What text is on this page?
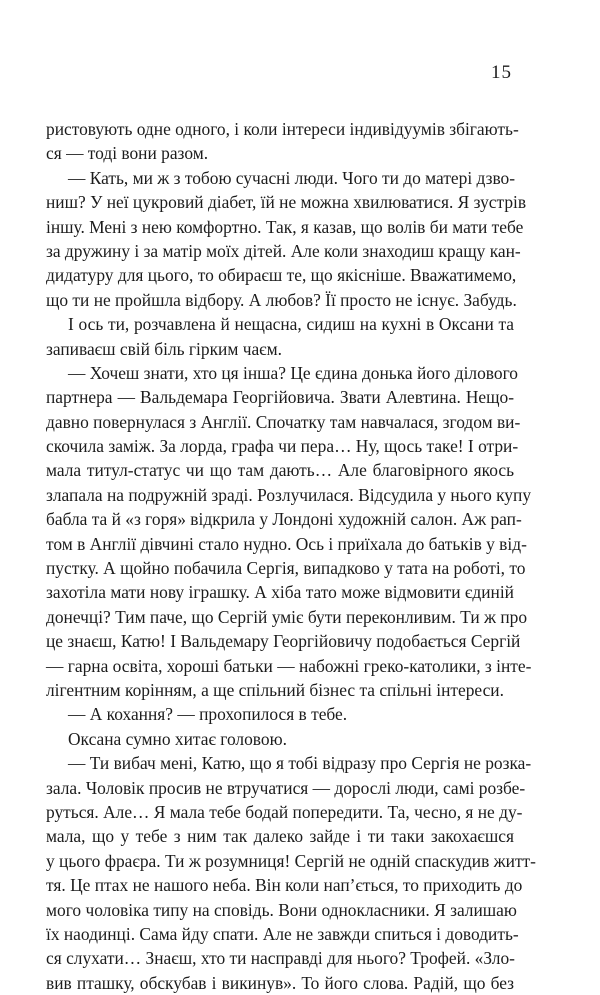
15
ристовують одне одного, і коли інтереси індивідуумів збігають-
ся — тоді вони разом.
— Кать, ми ж з тобою сучасні люди. Чого ти до матері дзво-
ниш? У неї цукровий діабет, їй не можна хвилюватися. Я зустрів
іншу. Мені з нею комфортно. Так, я казав, що волів би мати тебе
за дружину і за матір моїх дітей. Але коли знаходиш кращу кан-
дидатуру для цього, то обираєш те, що якісніше. Вважатимемо,
що ти не пройшла відбору. А любов? Її просто не існує. Забудь.
І ось ти, розчавлена й нещасна, сидиш на кухні в Оксани та
запиваєш свій біль гірким чаєм.
— Хочеш знати, хто ця інша? Це єдина донька його ділового
партнера — Вальдемара Георгійовича. Звати Алевтина. Нещо-
давно повернулася з Англії. Спочатку там навчалася, згодом ви-
скочила заміж. За лорда, графа чи пера… Ну, щось таке! І отри-
мала титул-статус чи що там дають… Але благовірного якось
злапала на подружній зраді. Розлучилася. Відсудила у нього купу
бабла та й «з горя» відкрила у Лондоні художній салон. Аж рап-
том в Англії дівчині стало нудно. Ось і приїхала до батьків у від-
пустку. А щойно побачила Сергія, випадково у тата на роботі, то
захотіла мати нову іграшку. А хіба тато може відмовити єдиній
донечці? Тим паче, що Сергій уміє бути переконливим. Ти ж про
це знаєш, Катю! І Вальдемару Георгійовичу подобається Сергій
— гарна освіта, хороші батьки — набожні греко-католики, з інте-
лігентним корінням, а ще спільний бізнес та спільні інтереси.
— А кохання? — прохопилося в тебе.
Оксана сумно хитає головою.
— Ти вибач мені, Катю, що я тобі відразу про Сергія не розка-
зала. Чоловік просив не втручатися — дорослі люди, самі розбе-
руться. Але… Я мала тебе бодай попередити. Та, чесно, я не ду-
мала, що у тебе з ним так далеко зайде і ти таки закохаєшся
у цього фраєра. Ти ж розумниця! Сергій не одній спаскудив житт-
тя. Це птах не нашого неба. Він коли нап’ється, то приходить до
мого чоловіка типу на сповідь. Вони однокласники. Я залишаю
їх наодинці. Сама йду спати. Але не завжди спиться і доводить-
ся слухати… Знаєш, хто ти насправді для нього? Трофей. «Зло-
вив пташку, обскубав і викинув». То його слова. Радій, що без
